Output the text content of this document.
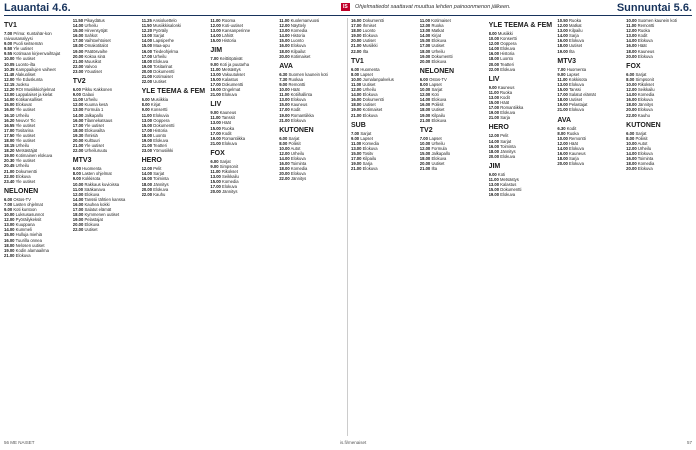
Lauantai 4.6.	IS	Ohjelmatiedot saattavat muuttua lehden painoonmenon jälkeen.	Sunnuntai 5.6.
TV1
7.00 Prima: Kuntahär-kon raivuusanalyysi
9.00 Puoli seitsemän
9.50 Yle uutiset
9.55 Kotimaan kirjeenvaihtajat
10.00 Yle uutiset
10.05 Luonto-ilta
10.35 Kamppailujen vaiheet
11.40 Alakuoliset
12.00 Yle Eduskunta
12.15 Juoksu
12.20 ROI Musiikkiohjelmat
13.00 Lappalaiset ja kielat
14.00 Kotikansalliset
15.00 Elokuvat
16.00 Yle uutiset
16.10 Urheilu
16.20 Neuvo! Tic
16.55 Yle uutiset
17.00 Tositarina
17.50 Yle uutiset
18.00 Yle uutiset
18.15 Urheilu
18.20 Metsästäjät
19.00 Kotimainen elokuva
20.30 Yle uutiset
20.45 Urheilu
21.00 Dokumentti
22.00 Elokuva
23.40 Yle uutiset
NELONEN
6.00 Ostos-TV
7.00 Lasten ohjelmat
9.00 Koti kuntoon
10.00 Luksusasunnot
12.00 Pyöräilykeksit
13.00 Kuuppana
14.00 Kummeli
15.00 Hulluja miehiä
16.00 Tuurilla onnea
18.00 Nelosen uutiset
19.00 Kodin alamaailma
21.00 Elokuva
11.50 Pikaydätus
14.00 Urheilu
15.00 Hirvensyöjät
16.00 Sahkot
17.00 Vaihtoehtoiset
18.00 Omakotitalot
19.00 Päätösvaihe
20.00 Kokoa sinä
21.00 Muusikot
22.00 Valvoo
23.00 Yöuutiset
TV2
6.00 Pikku Kakkonen
9.00 Galaxi
11.00 Urheilu
12.00 Kuuma kesä
13.00 Formula 1
14.00 Jalkapallo
16.00 Tilannekatsaus
17.00 Yle uutiset
18.00 Elokuvailta
19.30 Ihmisiä
20.00 Kulttuuri
21.00 Yle uutiset
22.00 Urheiluruutu
MTV3
6.00 Huomenta
8.00 Lasten ohjelmat
9.00 Kokkisota
10.00 Rakkaus kuvioissa
11.00 Sääkanava
12.00 Elokuva
14.00 Tanssii tähtien kanssa
16.00 Kauhea kokki
17.00 Salatut elämät
18.00 Kymmenen uutiset
19.00 Pelastajat
20.00 Elokuva
22.00 Uutiset
11.25 Ansioluettelo
11.50 Musiikkisalonki
12.20 Pyöräily
13.00 Sarjat
14.00 Lapsiperhe
15.00 Maa-apu
16.00 Tiedeohjelma
17.00 Urheilu
18.00 Elokuva
19.00 Tositarinat
20.00 Dokumentti
21.00 Kotimaiset
22.00 Uutiset
YLE TEEMA & FEM
6.00 Musiikkia
8.00 Kirjat
9.00 Konsertti
11.00 Elokuvia
13.00 Ooppera
15.00 Dokumentti
17.00 Historia
18.00 Luonto
19.00 Elokuva
21.00 Teatteri
23.00 Yömusiikki
HERO
12.00 Pelit
14.00 Sarjat
16.00 Toiminta
18.00 Jännitys
20.00 Elokuva
22.00 Kauhu
11.00 Rooma
12.00 Koti-uutiset
13.00 Kansanperinne
14.00 Lähiöt
15.00 Historia
JIM
7.00 Keittiöpäivät
9.00 Koti ja puutarha
11.00 Metsästys
13.00 Vakuutukset
15.00 Kalastus
17.00 Dokumentti
19.00 Ongelmat
21.00 Elokuva
LIV
9.00 Kauneus
11.00 Tanssit
13.00 Häät
15.00 Ruoka
17.00 Kodit
19.00 Romantiikka
21.00 Elokuva
FOX
6.00 Sarjat
9.00 Simpsonit
11.00 Rikokset
13.00 Seikkailu
15.00 Komedia
17.00 Elokuva
20.00 Jännitys
11.00 Kuolemanvuosi
12.00 Näyttely
13.00 Komedia
14.00 Historia
15.00 Luonto
16.00 Elokuva
18.00 Kilpailut
20.00 Kotimaiset
AVA
6.30 Suomen kaunein koti
7.30 Ruokaa
9.00 Remontti
10.00 Häät
11.00 Kotiihallinta
13.00 Elokuva
15.00 Kauneus
17.00 Kodit
19.00 Romantiikka
21.00 Elokuva
KUTONEN
6.00 Sarjat
8.00 Poliisit
10.00 Autot
12.00 Urheilu
14.00 Elokuva
16.00 Toiminta
18.00 Komedia
20.00 Elokuva
22.00 Jännitys
16.00 Dokumentti
17.00 Ihmiset
18.00 Luonto
19.00 Elokuva
20.00 Uutiset
21.00 Musiikki
22.00 Ilta
TV1
6.00 Huomenta
8.00 Lapset
10.00 Jumalanpalvelus
11.00 Uutiset
12.00 Urheilu
14.00 Elokuva
16.00 Dokumentti
18.00 Uutiset
19.00 Kotimaiset
21.00 Elokuva
SUB
7.00 Sarjat
9.00 Lapset
11.00 Komedia
13.00 Elokuva
15.00 Tositv
17.00 Kilpailu
19.00 Sarja
21.00 Elokuva
11.00 Kotimaiset
12.00 Ruoka
13.00 Matkat
14.00 Kirjat
15.00 Elokuva
17.00 Uutiset
18.00 Urheilu
19.00 Dokumentti
20.00 Elokuva
NELONEN
6.00 Ostos-TV
8.00 Lapset
10.00 Sarjat
12.00 Koti
14.00 Elokuva
16.00 Poliisit
18.00 Uutiset
19.00 Kilpailu
21.00 Elokuva
TV2
7.00 Lapset
10.00 Urheilu
12.00 Formula
15.00 Jalkapallo
18.00 Elokuva
20.00 Uutiset
21.00 Ilta
YLE TEEMA & FEM
8.00 Musiikki
10.00 Konsertti
12.00 Ooppera
14.00 Elokuva
16.00 Historia
18.00 Luonto
20.00 Teatteri
22.00 Elokuva
LIV
9.00 Kauneus
11.00 Ruoka
13.00 Kodit
15.00 Häät
17.00 Romantiikka
19.00 Elokuva
21.00 Sarja
HERO
12.00 Pelit
14.00 Sarjat
16.00 Toiminta
18.00 Jännitys
20.00 Elokuva
JIM
9.00 Koti
11.00 Metsästys
13.00 Kalastus
15.00 Dokumentti
19.00 Elokuva
10.50 Ruoka
12.00 Matkat
13.00 Kilpailu
14.00 Sarja
16.00 Elokuva
18.00 Uutiset
19.00 Ilta
MTV3
7.00 Huomenta
9.00 Lapset
11.00 Kokkisota
13.00 Elokuva
15.00 Tanssi
17.00 Salatut elämät
18.00 Uutiset
19.00 Pelastajat
21.00 Elokuva
AVA
6.30 Kodit
8.00 Ruoka
10.00 Remontti
12.00 Häät
14.00 Elokuva
16.00 Kauneus
18.00 Sarja
20.00 Elokuva
10.00 Suomen kaunein koti
11.00 Remontti
12.00 Ruoka
13.00 Kodit
14.00 Elokuva
16.00 Häät
18.00 Kauneus
20.00 Elokuva
FOX
6.00 Sarjat
8.00 Simpsonit
10.00 Rikokset
12.00 Seikkailu
14.00 Komedia
16.00 Elokuva
18.00 Jännitys
20.00 Elokuva
22.00 Kauhu
KUTONEN
6.00 Sarjat
8.00 Poliisit
10.00 Autot
12.00 Urheilu
14.00 Elokuva
16.00 Toiminta
18.00 Komedia
20.00 Elokuva
56 ME NAISET	is.fi/menaiset	57
